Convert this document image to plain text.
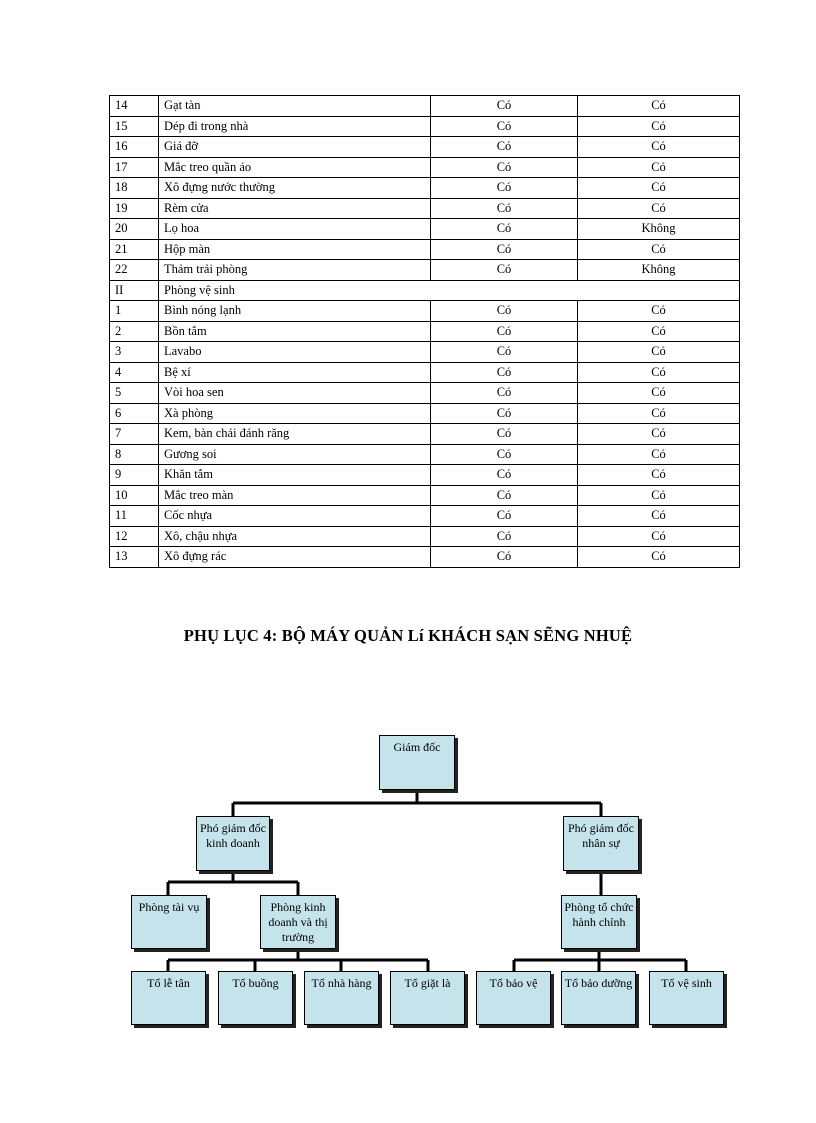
14	Gạt tàn	Có	Có
15	Dép đi trong nhà	Có	Có
16	Giá đỡ	Có	Có
17	Mắc treo quần áo	Có	Có
18	Xô đựng nước thường	Có	Có
19	Rèm cửa	Có	Có
20	Lọ hoa	Có	Không
21	Hộp màn	Có	Có
22	Thảm trải phòng	Có	Không
II	Phòng vệ sinh		
1	Bình nóng lạnh	Có	Có
2	Bồn tắm	Có	Có
3	Lavabo	Có	Có
4	Bệ xí	Có	Có
5	Vòi hoa sen	Có	Có
6	Xà phòng	Có	Có
7	Kem, bàn chải đánh răng	Có	Có
8	Gương soi	Có	Có
9	Khăn tắm	Có	Có
10	Mắc treo màn	Có	Có
11	Cốc nhựa	Có	Có
12	Xô, chậu nhựa	Có	Có
13	Xô đựng rác	Có	Có
PHỤ LỤC 4: BỘ MÁY QUẢN Lí KHÁCH SẠN SẼNG NHUỆ
Giám đốc
Phó giám đốc kinh doanh
Phó giám đốc nhân sự
Phòng tài vụ	Phòng kinh doanh và thị trường
Phòng tổ chức hành chính
Tổ lễ tân	Tổ buồng	Tổ nhà hàng	Tổ giặt là	Tổ bảo vệ	Tổ bảo dưỡng	Tổ vệ sinh
